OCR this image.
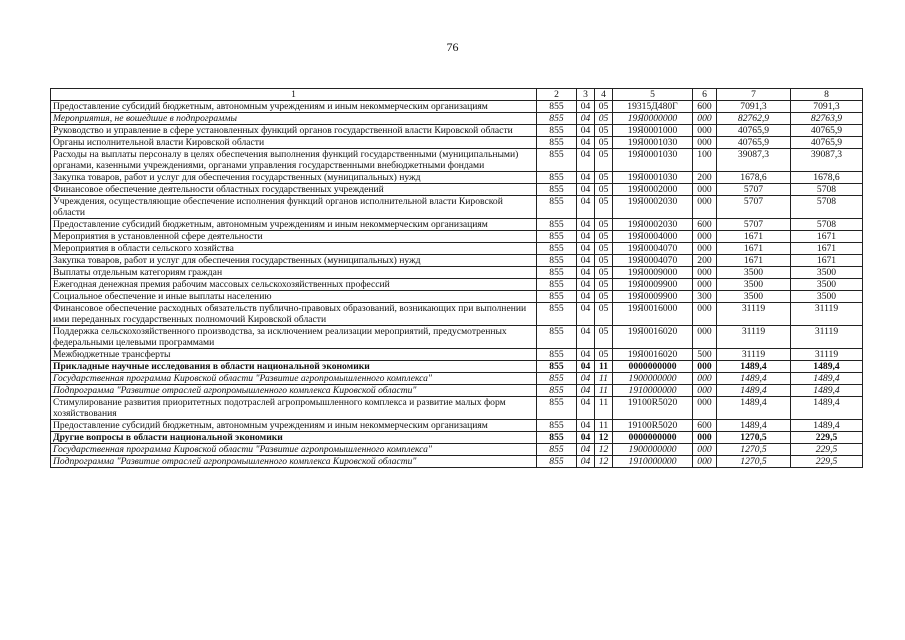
76
1	2	3	4	5	6	7	8
Предоставление субсидий бюджетным, автономным учреждениям и иным некоммерческим организациям	855	04	05	19315Д480Г	600	7091,3	7091,3
Мероприятия, не вошедшие в подпрограммы	855	04	05	19Я0000000	000	82762,9	82763,9
Руководство и управление в сфере установленных функций органов государственной власти Кировской области	855	04	05	19Я0001000	000	40765,9	40765,9
Органы исполнительной власти Кировской области	855	04	05	19Я0001030	000	40765,9	40765,9
Расходы на выплаты персоналу в целях обеспечения выполнения функций государственными (муниципальными) органами, казенными учреждениями, органами управления государственными внебюджетными фондами	855	04	05	19Я0001030	100	39087,3	39087,3
Закупка товаров, работ и услуг для обеспечения государственных (муниципальных) нужд	855	04	05	19Я0001030	200	1678,6	1678,6
Финансовое обеспечение деятельности областных государственных учреждений	855	04	05	19Я0002000	000	5707	5708
Учреждения, осуществляющие обеспечение исполнения функций органов исполнительной власти Кировской области	855	04	05	19Я0002030	000	5707	5708
Предоставление субсидий бюджетным, автономным учреждениям и иным некоммерческим организациям	855	04	05	19Я0002030	600	5707	5708
Мероприятия в установленной сфере деятельности	855	04	05	19Я0004000	000	1671	1671
Мероприятия в области сельского хозяйства	855	04	05	19Я0004070	000	1671	1671
Закупка товаров, работ и услуг для обеспечения государственных (муниципальных) нужд	855	04	05	19Я0004070	200	1671	1671
Выплаты отдельным категориям граждан	855	04	05	19Я0009000	000	3500	3500
Ежегодная денежная премия рабочим массовых сельскохозяйственных профессий	855	04	05	19Я0009900	000	3500	3500
Социальное обеспечение и иные выплаты населению	855	04	05	19Я0009900	300	3500	3500
Финансовое обеспечение расходных обязательств публично-правовых образований, возникающих при выполнении ими переданных государственных полномочий Кировской области	855	04	05	19Я0016000	000	31119	31119
Поддержка сельскохозяйственного производства, за исключением реализации мероприятий, предусмотренных федеральными целевыми программами	855	04	05	19Я0016020	000	31119	31119
Межбюджетные трансферты	855	04	05	19Я0016020	500	31119	31119
Прикладные научные исследования в области национальной экономики	855	04	11	0000000000	000	1489,4	1489,4
Государственная программа Кировской области "Развитие агропромышленного комплекса"	855	04	11	1900000000	000	1489,4	1489,4
Подпрограмма "Развитие отраслей агропромышленного комплекса Кировской области"	855	04	11	1910000000	000	1489,4	1489,4
Стимулирование развития приоритетных подотраслей агропромышленного комплекса и развитие малых форм хозяйствования	855	04	11	19100R5020	000	1489,4	1489,4
Предоставление субсидий бюджетным, автономным учреждениям и иным некоммерческим организациям	855	04	11	19100R5020	600	1489,4	1489,4
Другие вопросы в области национальной экономики	855	04	12	0000000000	000	1270,5	229,5
Государственная программа Кировской области "Развитие агропромышленного комплекса"	855	04	12	1900000000	000	1270,5	229,5
Подпрограмма "Развитие отраслей агропромышленного комплекса Кировской области"	855	04	12	1910000000	000	1270,5	229,5
